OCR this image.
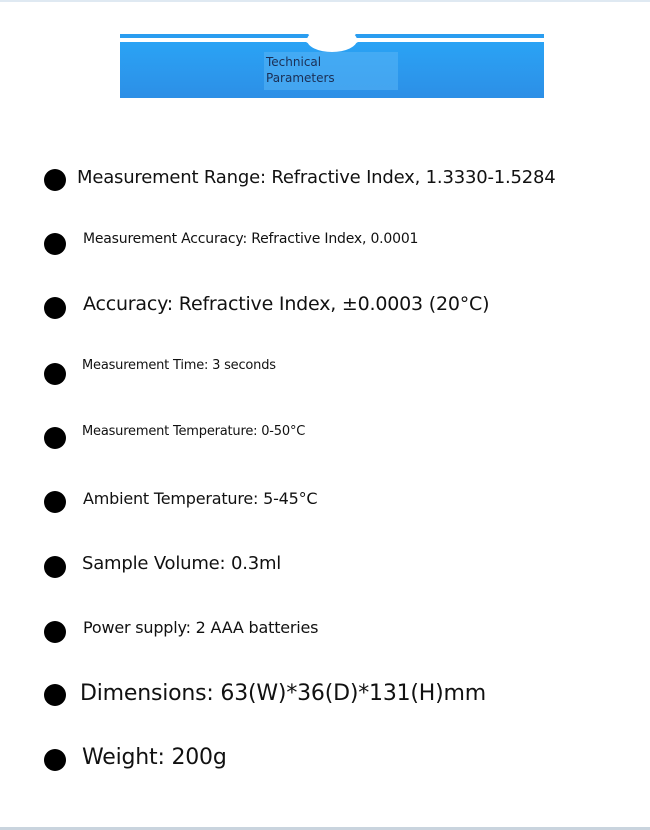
Technical
Parameters
Measurement Range: Refractive Index, 1.3330-1.5284
Measurement Accuracy: Refractive Index, 0.0001
Accuracy: Refractive Index, ±0.0003 (20°C)
Measurement Time: 3 seconds
Measurement Temperature: 0-50°C
Ambient Temperature: 5-45°C
Sample Volume: 0.3ml
Power supply: 2 AAA batteries
Dimensions: 63(W)*36(D)*131(H)mm
Weight: 200g
